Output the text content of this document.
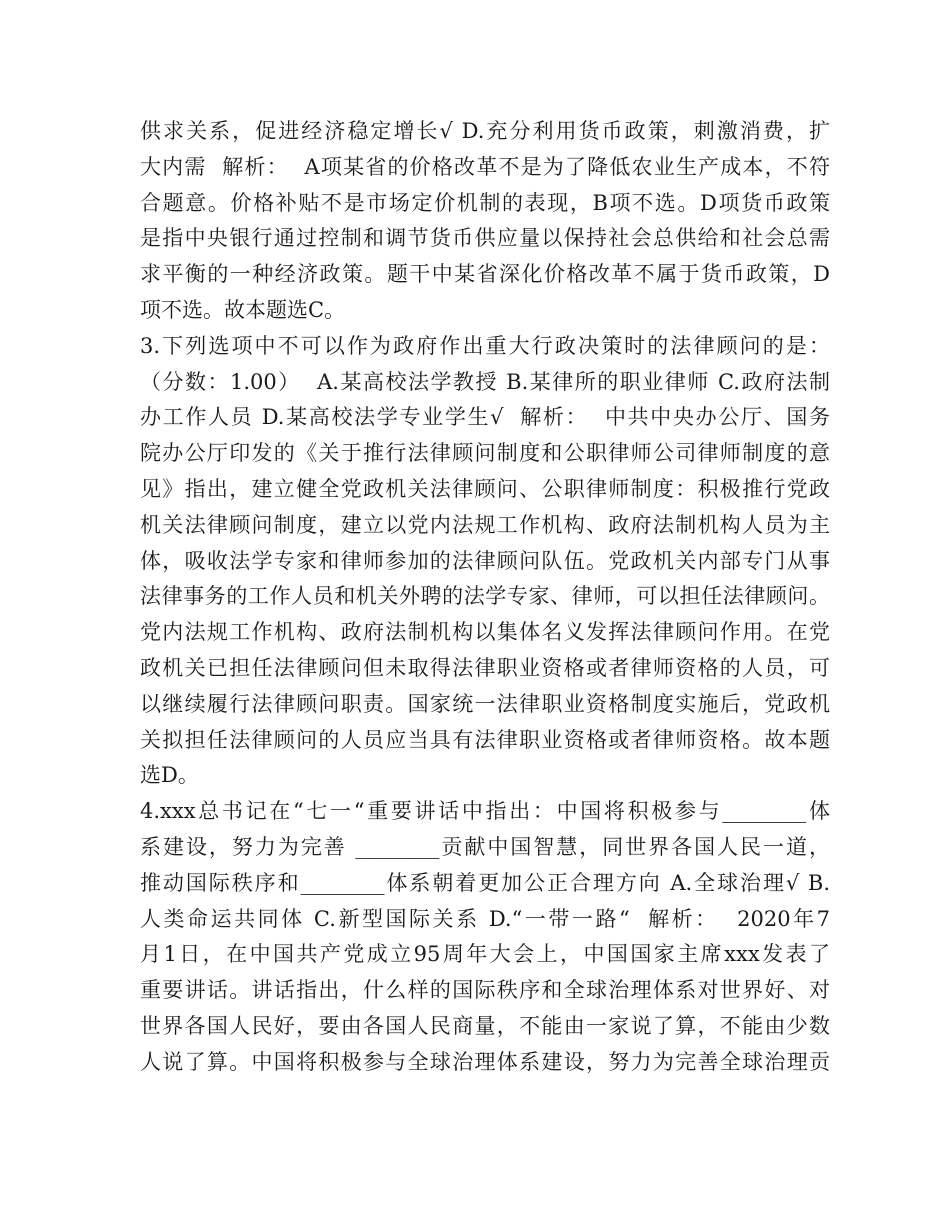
供求关系，促进经济稳定增长√ D.充分利用货币政策，刺激消费，扩
大内需  解析：  A项某省的价格改革不是为了降低农业生产成本，不符
合题意。价格补贴不是市场定价机制的表现，B项不选。D项货币政策
是指中央银行通过控制和调节货币供应量以保持社会总供给和社会总需
求平衡的一种经济政策。题干中某省深化价格改革不属于货币政策，D
项不选。故本题选C。
3.下列选项中不可以作为政府作出重大行政决策时的法律顾问的是：
（分数：1.00）  A.某高校法学教授 B.某律所的职业律师 C.政府法制
办工作人员 D.某高校法学专业学生√  解析：  中共中央办公厅、国务
院办公厅印发的《关于推行法律顾问制度和公职律师公司律师制度的意
见》指出，建立健全党政机关法律顾问、公职律师制度：积极推行党政
机关法律顾问制度，建立以党内法规工作机构、政府法制机构人员为主
体，吸收法学专家和律师参加的法律顾问队伍。党政机关内部专门从事
法律事务的工作人员和机关外聘的法学专家、律师，可以担任法律顾问。
党内法规工作机构、政府法制机构以集体名义发挥法律顾问作用。在党
政机关已担任法律顾问但未取得法律职业资格或者律师资格的人员，可
以继续履行法律顾问职责。国家统一法律职业资格制度实施后，党政机
关拟担任法律顾问的人员应当具有法律职业资格或者律师资格。故本题
选D。
4.xxx总书记在“七一“重要讲话中指出：中国将积极参与________体
系建设，努力为完善 ________贡献中国智慧，同世界各国人民一道，
推动国际秩序和________体系朝着更加公正合理方向 A.全球治理√ B.
人类命运共同体 C.新型国际关系 D.“一带一路“  解析：  2020年7
月1日，在中国共产党成立95周年大会上，中国国家主席xxx发表了
重要讲话。讲话指出，什么样的国际秩序和全球治理体系对世界好、对
世界各国人民好，要由各国人民商量，不能由一家说了算，不能由少数
人说了算。中国将积极参与全球治理体系建设，努力为完善全球治理贡
